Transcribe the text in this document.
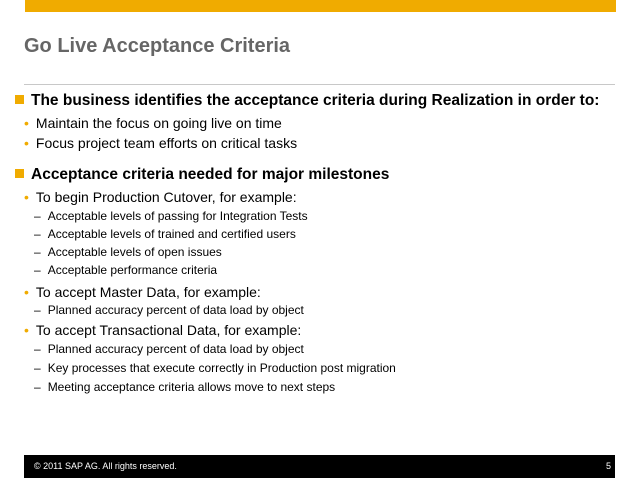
Go Live Acceptance Criteria
The business identifies the acceptance criteria during Realization in order to:
• Maintain the focus on going live on time
• Focus project team efforts on critical tasks
Acceptance criteria needed for major milestones
• To begin Production Cutover, for example:
– Acceptable levels of passing for Integration Tests
– Acceptable levels of trained and certified users
– Acceptable levels of open issues
– Acceptable performance criteria
• To accept Master Data, for example:
– Planned accuracy percent of data load by object
• To accept Transactional Data, for example:
– Planned accuracy percent of data load by object
– Key processes that execute correctly in Production post migration
– Meeting acceptance criteria allows move to next steps
© 2011 SAP AG. All rights reserved.	5
